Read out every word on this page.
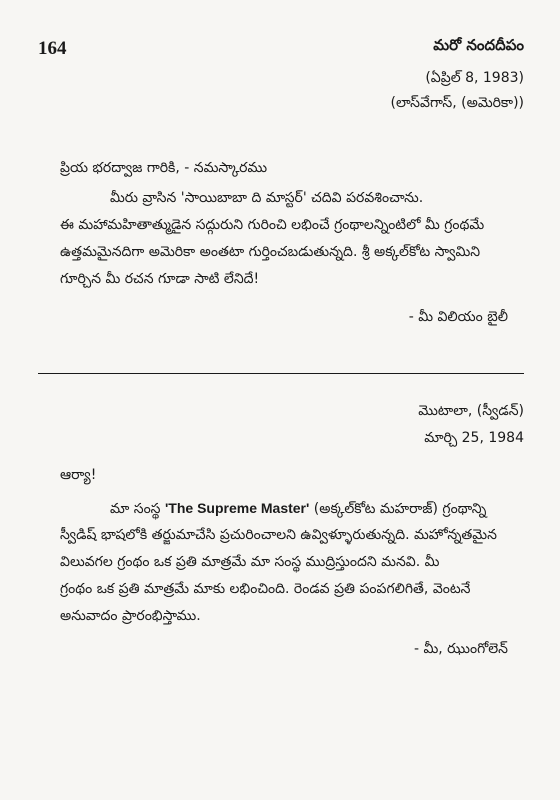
164	మరో నందదీపం
(ఏప్రిల్ 8, 1983)
(లాస్‌వేగాస్, (అమెరికా))
ప్రియ భరద్వాజ గారికి, - నమస్కారము
మీరు వ్రాసిన 'సాయిబాబా ది మాస్టర్' చదివి పరవశించాను.
ఈ మహామహితాత్ముడైన సద్గురుని గురించి లభించే గ్రంథాలన్నింటిలో మీ గ్రంథమే
ఉత్తమమైనదిగా అమెరికా అంతటా గుర్తించబడుతున్నది. శ్రీ అక్కల్‌కోట స్వామిని
గూర్చిన మీ రచన గూడా సాటి లేనిదే!
- మీ విలియం బైలీ
మొటాలా, (స్వీడన్)
మార్చి 25, 1984
ఆర్యా!
మా సంస్థ 'The Supreme Master' (అక్కల్‌కోట మహరాజ్) గ్రంథాన్ని
స్వీడిష్ భాషలోకి తర్జుమాచేసి ప్రచురించాలని ఉవ్విళ్ళూరుతున్నది. మహోన్నతమైన
విలువగల గ్రంథం ఒక ప్రతి మాత్రమే మా సంస్థ ముద్రిస్తుందని మనవి. మీ
గ్రంథం ఒక ప్రతి మాత్రమే మాకు లభించింది. రెండవ ప్రతి పంపగలిగితే, వెంటనే
అనువాదం ప్రారంభిస్తాము.
- మీ, ఝుంగోలెన్
